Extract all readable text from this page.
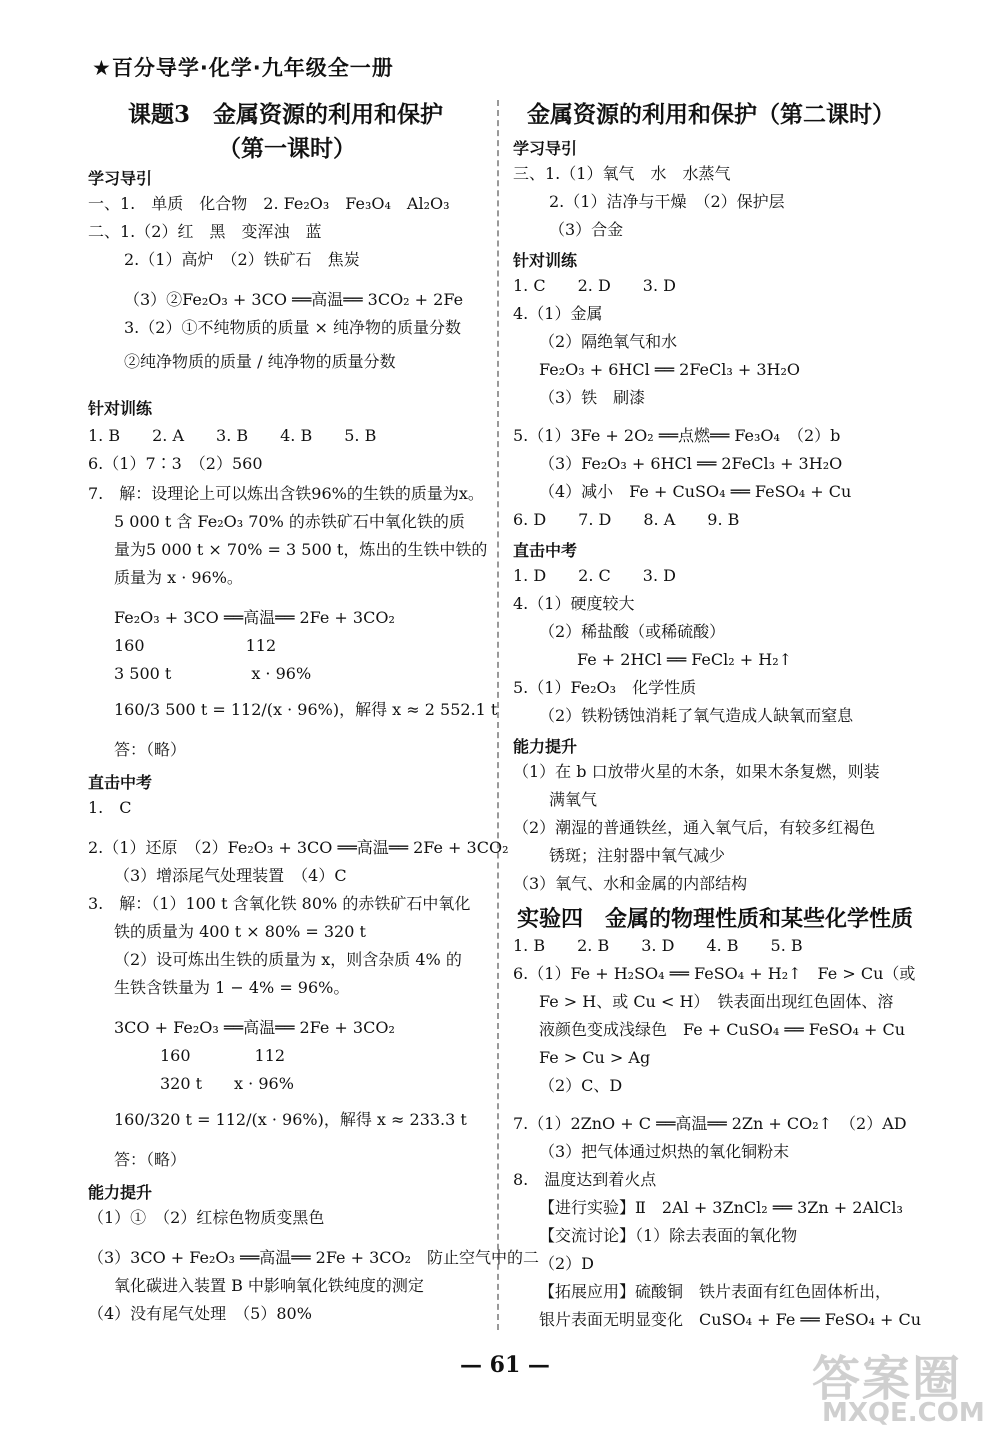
★百分导学·化学·九年级全一册
课题3　金属资源的利用和保护
（第一课时）
学习导引
一、1.　单质　化合物　2. Fe₂O₃　Fe₃O₄　Al₂O₃
二、1.（2）红　黑　变浑浊　蓝
2.（1）高炉　（2）铁矿石　焦炭
（3）②Fe₂O₃ + 3CO ══高温══ 3CO₂ + 2Fe
3.（2）①不纯物质的质量 × 纯净物的质量分数
②纯净物质的质量 / 纯净物的质量分数
针对训练
1. B　　2. A　　3. B　　4. B　　5. B
6.（1）7∶3　（2）560
7.　解：设理论上可以炼出含铁96%的生铁的质量为x。
5 000 t 含 Fe₂O₃ 70% 的赤铁矿石中氧化铁的质
量为5 000 t × 70% = 3 500 t，炼出的生铁中铁的
质量为 x · 96%。
Fe₂O₃ + 3CO ══高温══ 2Fe + 3CO₂
160　　　　　　 112
3 500 t　　　　　x · 96%
160/3 500 t = 112/(x · 96%)，解得 x ≈ 2 552.1 t
答：（略）
直击中考
1.　C
2.（1）还原　（2）Fe₂O₃ + 3CO ══高温══ 2Fe + 3CO₂
（3）增添尾气处理装置　（4）C
3.　解：（1）100 t 含氧化铁 80% 的赤铁矿石中氧化
铁的质量为 400 t × 80% = 320 t
（2）设可炼出生铁的质量为 x，则含杂质 4% 的
生铁含铁量为 1 − 4% = 96%。
3CO + Fe₂O₃ ══高温══ 2Fe + 3CO₂
160　　　　112
320 t　　x · 96%
160/320 t = 112/(x · 96%)，解得 x ≈ 233.3 t
答：（略）
能力提升
（1）①　（2）红棕色物质变黑色
（3）3CO + Fe₂O₃ ══高温══ 2Fe + 3CO₂　防止空气中的二
氧化碳进入装置 B 中影响氧化铁纯度的测定
（4）没有尾气处理　（5）80%
金属资源的利用和保护（第二课时）
学习导引
三、1.（1）氧气　水　水蒸气
2.（1）洁净与干燥　（2）保护层
（3）合金
针对训练
1. C　　2. D　　3. D
4.（1）金属
（2）隔绝氧气和水
Fe₂O₃ + 6HCl ══ 2FeCl₃ + 3H₂O
（3）铁　刷漆
5.（1）3Fe + 2O₂ ══点燃══ Fe₃O₄　（2）b
（3）Fe₂O₃ + 6HCl ══ 2FeCl₃ + 3H₂O
（4）减小　Fe + CuSO₄ ══ FeSO₄ + Cu
6. D　　7. D　　8. A　　9. B
直击中考
1. D　　2. C　　3. D
4.（1）硬度较大
（2）稀盐酸（或稀硫酸）
Fe + 2HCl ══ FeCl₂ + H₂↑
5.（1）Fe₂O₃　化学性质
（2）铁粉锈蚀消耗了氧气造成人缺氧而窒息
能力提升
（1）在 b 口放带火星的木条，如果木条复燃，则装
满氧气
（2）潮湿的普通铁丝，通入氧气后，有较多红褐色
锈斑；注射器中氧气减少
（3）氧气、水和金属的内部结构
实验四　金属的物理性质和某些化学性质
1. B　　2. B　　3. D　　4. B　　5. B
6.（1）Fe + H₂SO₄ ══ FeSO₄ + H₂↑　Fe > Cu（或
Fe > H、或 Cu < H）　铁表面出现红色固体、溶
液颜色变成浅绿色　Fe + CuSO₄ ══ FeSO₄ + Cu
Fe > Cu > Ag
（2）C、D
7.（1）2ZnO + C ══高温══ 2Zn + CO₂↑　（2）AD
（3）把气体通过炽热的氧化铜粉末
8.　温度达到着火点
【进行实验】Ⅱ　2Al + 3ZnCl₂ ══ 3Zn + 2AlCl₃
【交流讨论】（1）除去表面的氧化物
（2）D
【拓展应用】硫酸铜　铁片表面有红色固体析出，
银片表面无明显变化　CuSO₄ + Fe ══ FeSO₄ + Cu
— 61 —	答案圈
MXQE.COM
